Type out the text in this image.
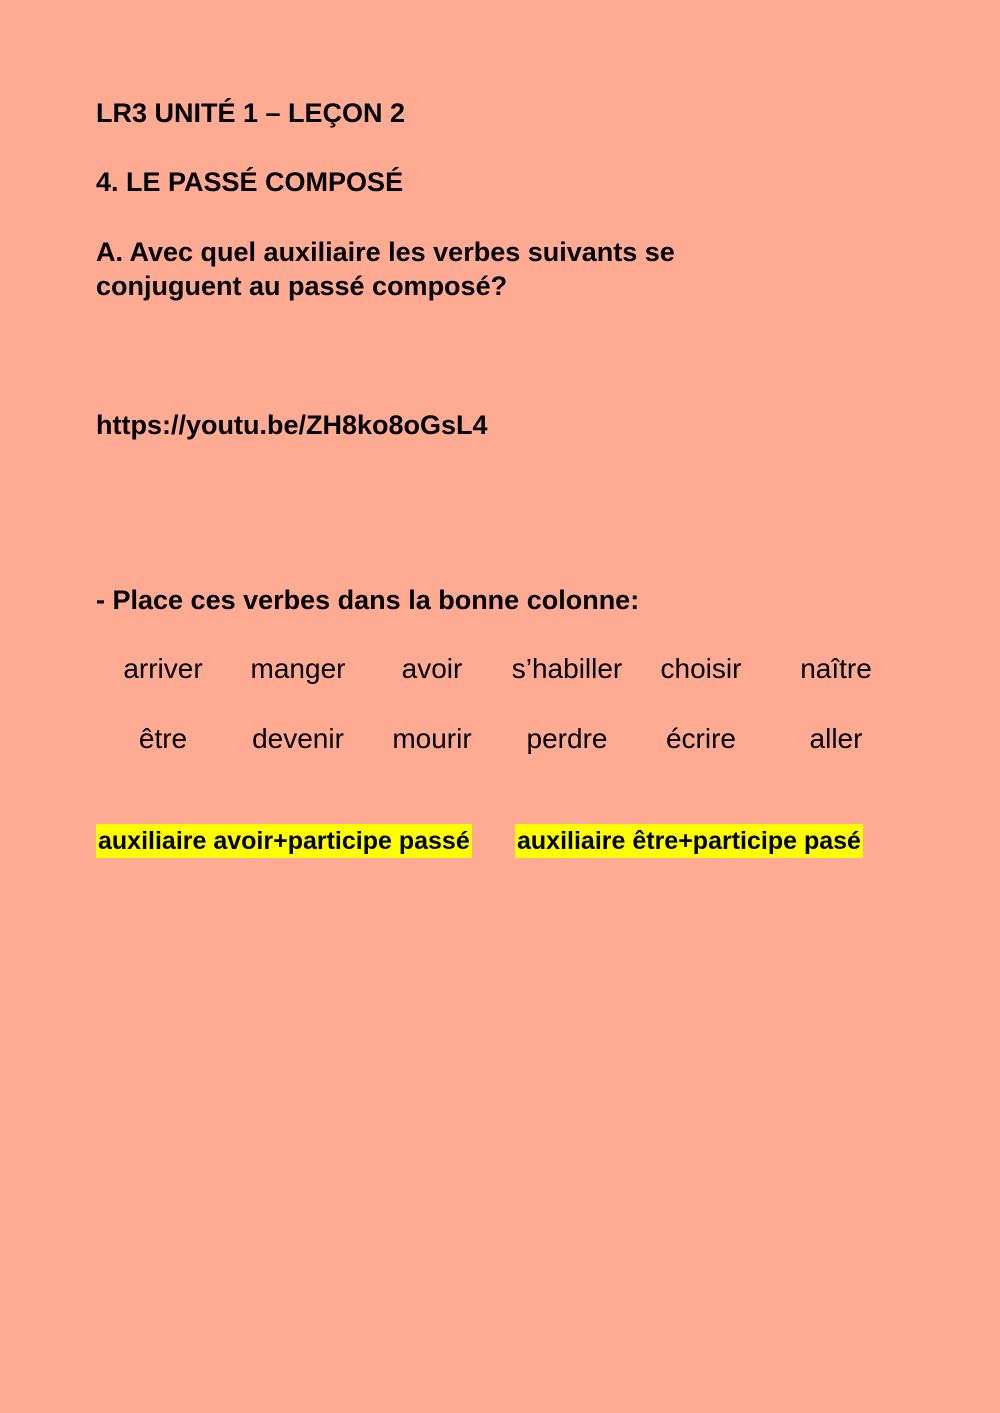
LR3 UNITÉ 1 – LEÇON 2
4. LE PASSÉ COMPOSÉ
A. Avec quel auxiliaire les verbes suivants se
conjuguent au passé composé?
https://youtu.be/ZH8ko8oGsL4
- Place ces verbes dans la bonne colonne:
arriver	manger	avoir	s’habiller	choisir	naître
être	devenir	mourir	perdre	écrire	aller
auxiliaire avoir+participe passé auxiliaire être+participe pasé
